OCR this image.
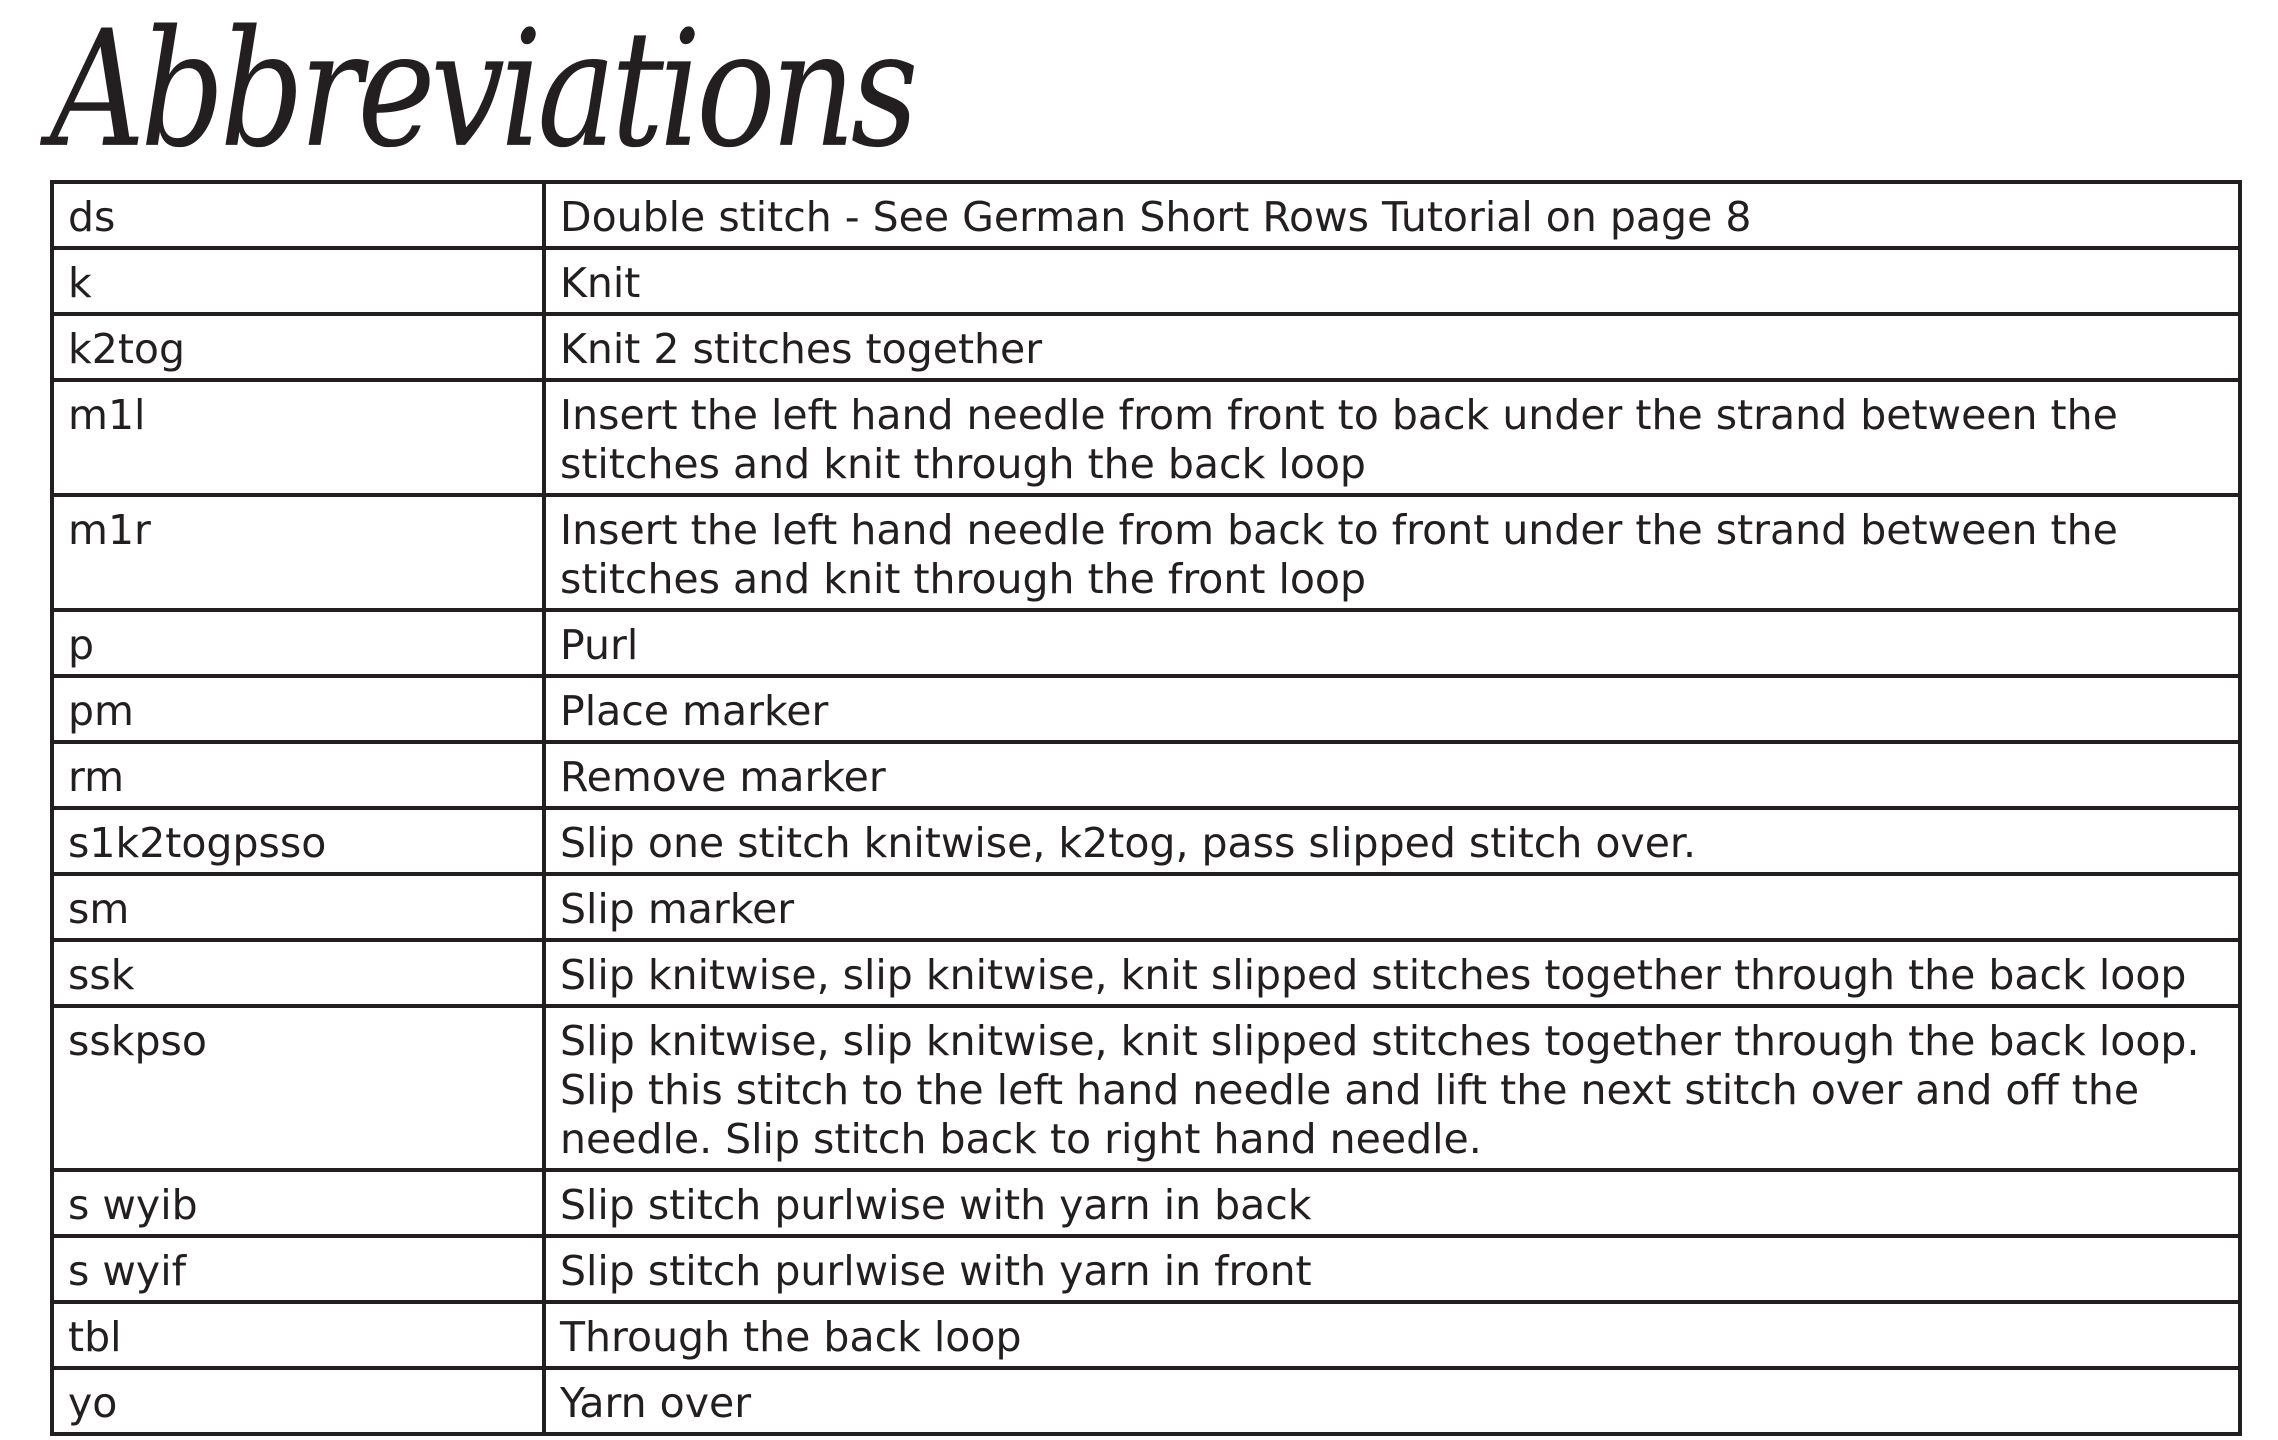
Abbreviations
ds	Double stitch - See German Short Rows Tutorial on page 8
k	Knit
k2tog	Knit 2 stitches together
m1l	Insert the left hand needle from front to back under the strand between the stitches and knit through the back loop
m1r	Insert the left hand needle from back to front under the strand between the stitches and knit through the front loop
p	Purl
pm	Place marker
rm	Remove marker
s1k2togpsso	Slip one stitch knitwise, k2tog, pass slipped stitch over.
sm	Slip marker
ssk	Slip knitwise, slip knitwise, knit slipped stitches together through the back loop
sskpso	Slip knitwise, slip knitwise, knit slipped stitches together through the back loop. Slip this stitch to the left hand needle and lift the next stitch over and off the needle. Slip stitch back to right hand needle.
s wyib	Slip stitch purlwise with yarn in back
s wyif	Slip stitch purlwise with yarn in front
tbl	Through the back loop
yo	Yarn over
